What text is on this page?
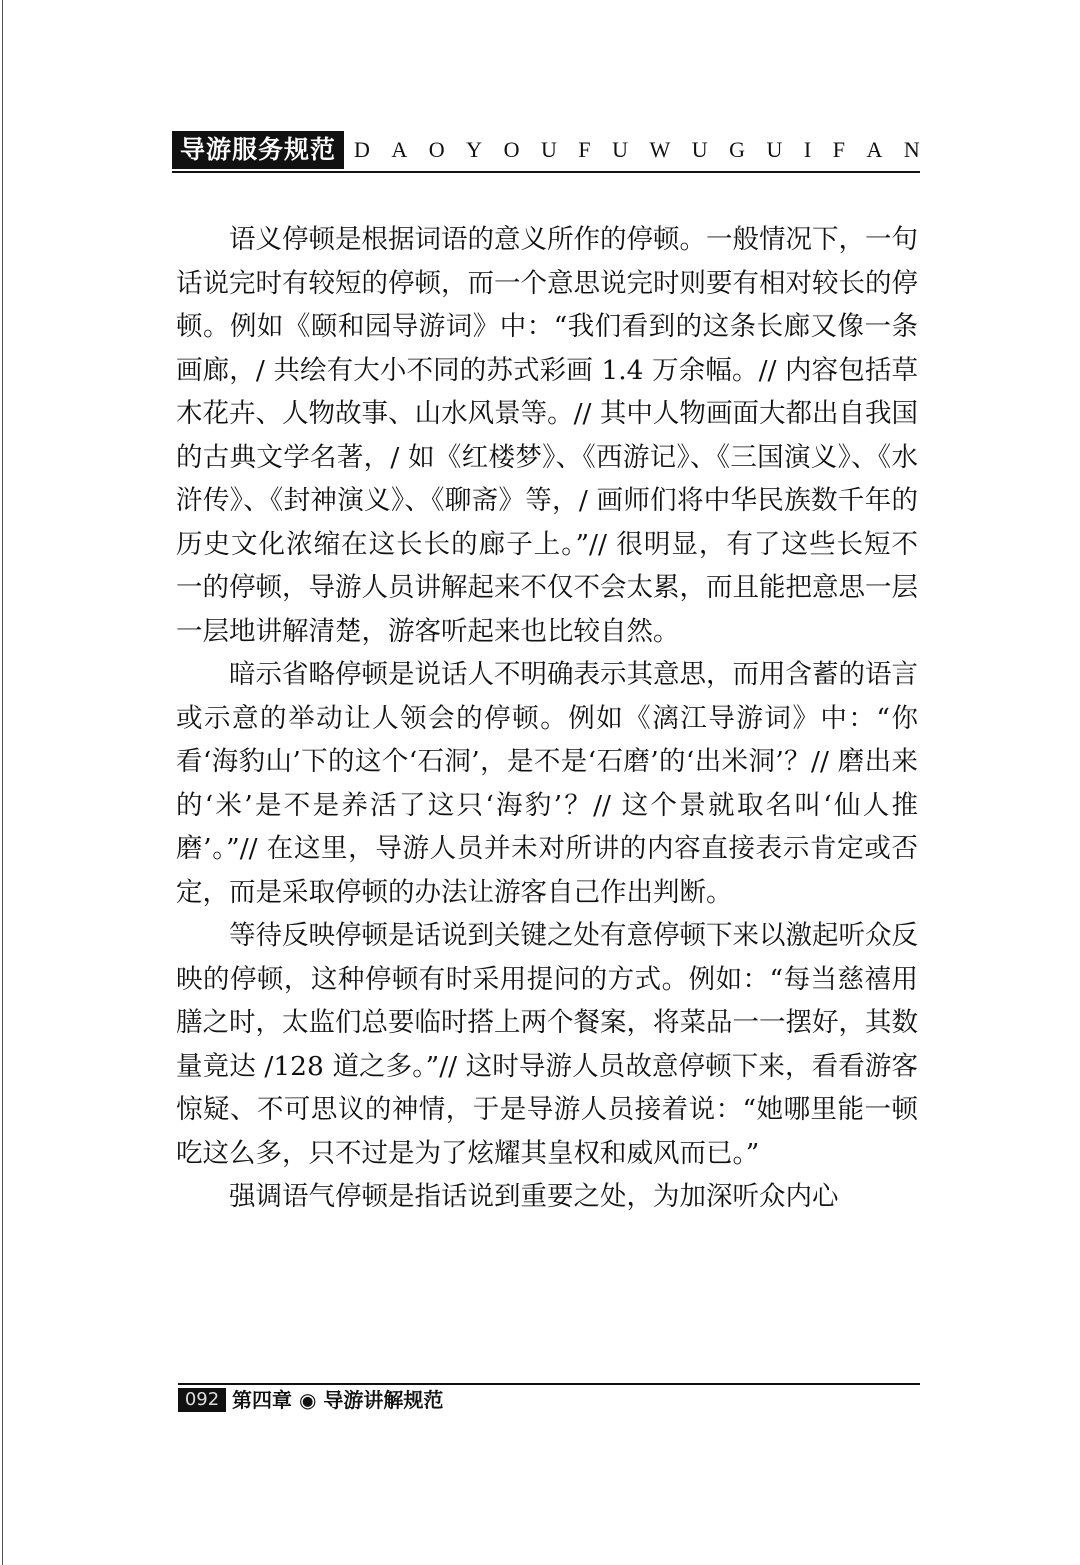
导游服务规范 D A O Y O U F U W U G U I F A N

语义停顿是根据词语的意义所作的停顿。一般情况下，一句话说完时有较短的停顿，而一个意思说完时则要有相对较长的停顿。例如《颐和园导游词》中：“我们看到的这条长廊又像一条画廊，/ 共绘有大小不同的苏式彩画 1.4 万余幅。// 内容包括草木花卉、人物故事、山水风景等。// 其中人物画面大都出自我国的古典文学名著，/ 如《红楼梦》、《西游记》、《三国演义》、《水浒传》、《封神演义》、《聊斋》等，/ 画师们将中华民族数千年的历史文化浓缩在这长长的廊子上。”// 很明显，有了这些长短不一的停顿，导游人员讲解起来不仅不会太累，而且能把意思一层一层地讲解清楚，游客听起来也比较自然。

暗示省略停顿是说话人不明确表示其意思，而用含蓄的语言或示意的举动让人领会的停顿。例如《漓江导游词》中：“你看‘海豹山’下的这个‘石洞’，是不是‘石磨’的‘出米洞’？// 磨出来的‘米’是不是养活了这只‘海豹’？// 这个景就取名叫‘仙人推磨’。”// 在这里，导游人员并未对所讲的内容直接表示肯定或否定，而是采取停顿的办法让游客自己作出判断。

等待反映停顿是话说到关键之处有意停顿下来以激起听众反映的停顿，这种停顿有时采用提问的方式。例如：“每当慈禧用膳之时，太监们总要临时搭上两个餐案，将菜品一一摆好，其数量竟达 /128 道之多。”// 这时导游人员故意停顿下来，看看游客惊疑、不可思议的神情，于是导游人员接着说：“她哪里能一顿吃这么多，只不过是为了炫耀其皇权和威风而已。”

强调语气停顿是指话说到重要之处，为加深听众内心

092 第四章 ◉ 导游讲解规范
